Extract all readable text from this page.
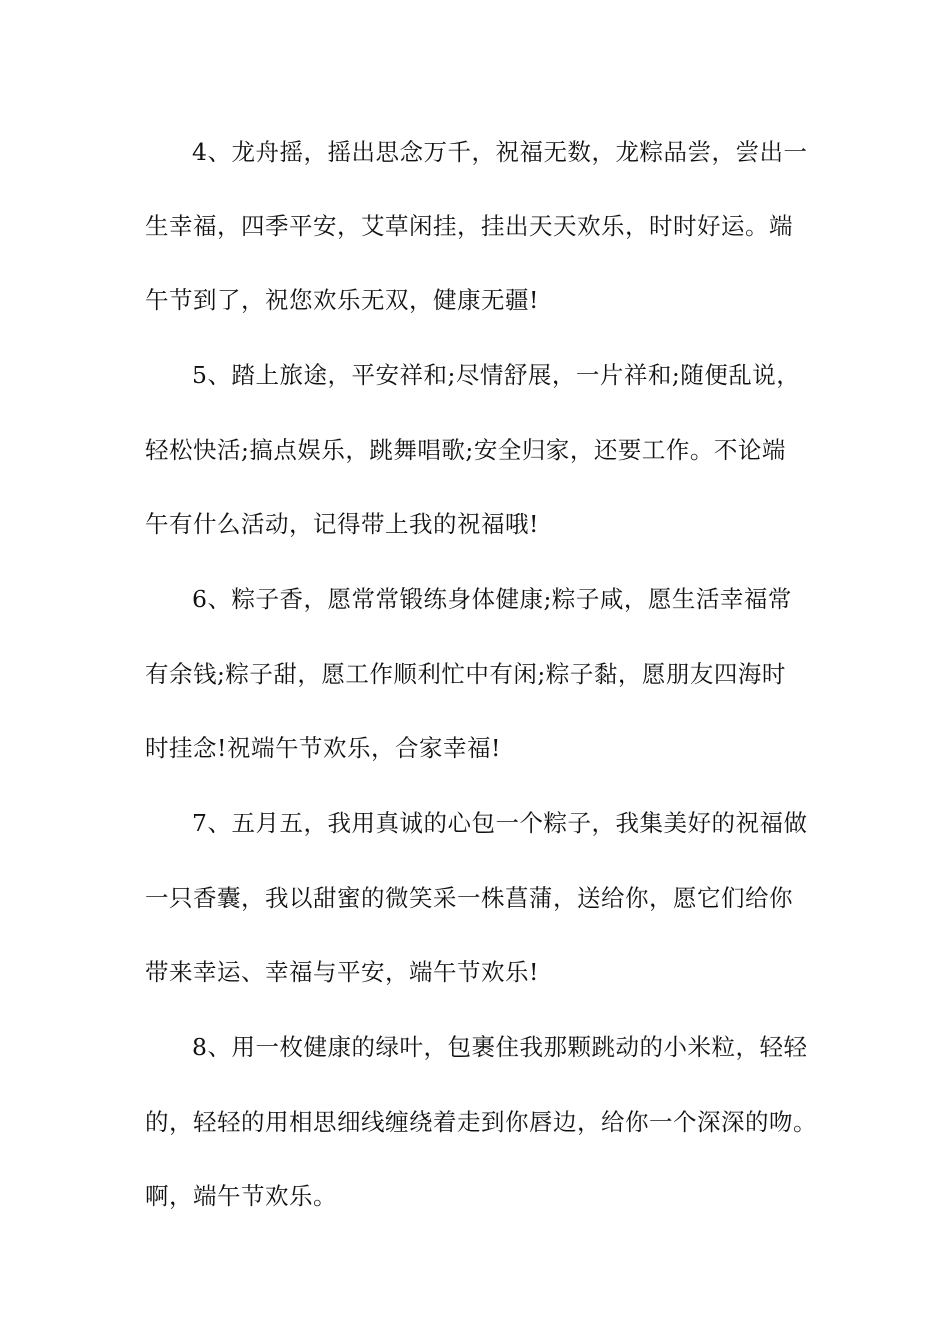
4、龙舟摇，摇出思念万千，祝福无数，龙粽品尝，尝出一
生幸福，四季平安，艾草闲挂，挂出天天欢乐，时时好运。端
午节到了，祝您欢乐无双，健康无疆!
5、踏上旅途，平安祥和;尽情舒展，一片祥和;随便乱说，
轻松快活;搞点娱乐，跳舞唱歌;安全归家，还要工作。不论端
午有什么活动，记得带上我的祝福哦!
6、粽子香，愿常常锻练身体健康;粽子咸，愿生活幸福常
有余钱;粽子甜，愿工作顺利忙中有闲;粽子黏，愿朋友四海时
时挂念!祝端午节欢乐，合家幸福!
7、五月五，我用真诚的心包一个粽子，我集美好的祝福做
一只香囊，我以甜蜜的微笑采一株菖蒲，送给你，愿它们给你
带来幸运、幸福与平安，端午节欢乐!
8、用一枚健康的绿叶，包裹住我那颗跳动的小米粒，轻轻
的，轻轻的用相思细线缠绕着走到你唇边，给你一个深深的吻。
啊，端午节欢乐。
